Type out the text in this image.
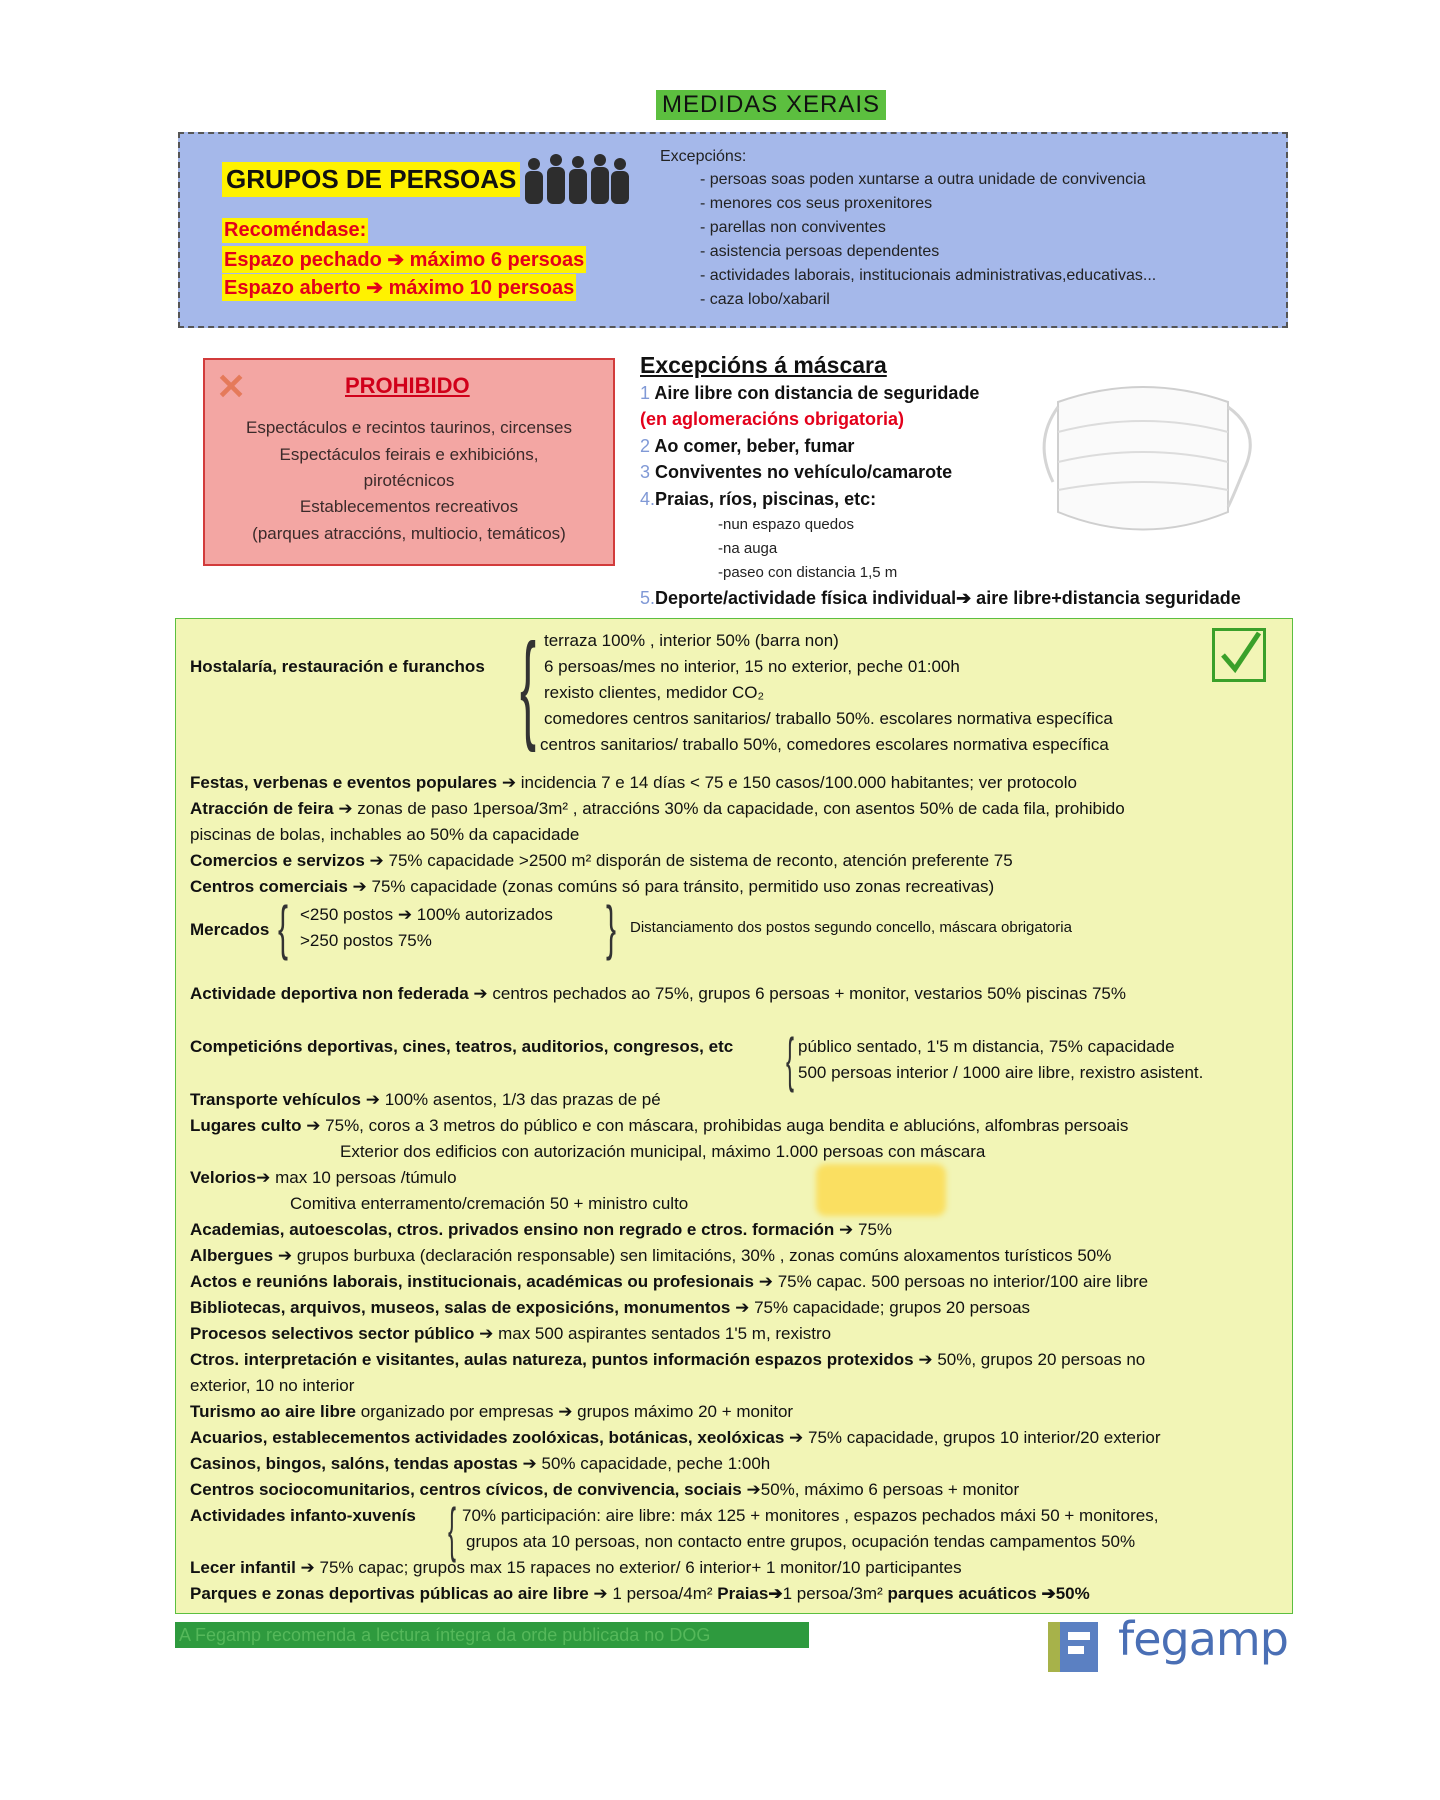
MEDIDAS XERAIS
GRUPOS DE PERSOAS
Recoméndase:
Espazo pechado ➔ máximo 6 persoas
Espazo aberto ➔ máximo 10 persoas
Excepcións:
- persoas soas poden xuntarse a outra unidade de convivencia
- menores cos seus proxenitores
- parellas non conviventes
- asistencia persoas dependentes
- actividades laborais, institucionais administrativas,educativas...
- caza lobo/xabaril
✕	PROHIBIDO
Espectáculos e recintos taurinos, circenses
Espectáculos feirais e exhibicións,
pirotécnicos
Establecementos recreativos
(parques atraccións, multiocio, temáticos)
Excepcións á máscara
1 Aire libre con distancia de seguridade
(en aglomeracións obrigatoria)
2 Ao comer, beber, fumar
3 Conviventes no vehículo/camarote
4.Praias, ríos, piscinas, etc:
-nun espazo quedos
-na auga
-paseo con distancia 1,5 m
5.Deporte/actividade física individual➔ aire libre+distancia seguridade
Hostalaría, restauración e furanchos { terraza 100% , interior 50% (barra non)
6 persoas/mes no interior, 15 no exterior, peche 01:00h
rexisto clientes, medidor CO₂
comedores centros sanitarios/ traballo 50%. escolares normativa específica
centros sanitarios/ traballo 50%, comedores escolares normativa específica
Festas, verbenas e eventos populares ➔ incidencia 7 e 14 días < 75 e 150 casos/100.000 habitantes; ver protocolo
Atracción de feira ➔ zonas de paso 1persoa/3m² , atraccións 30% da capacidade, con asentos 50% de cada fila, prohibido
piscinas de bolas, inchables ao 50% da capacidade
Comercios e servizos ➔ 75% capacidade >2500 m² disporán de sistema de reconto, atención preferente 75
Centros comerciais ➔ 75% capacidade (zonas comúns só para tránsito, permitido uso zonas recreativas)
Mercados { <250 postos ➔ 100% autorizados
>250 postos 75%	} Distanciamento dos postos segundo concello, máscara obrigatoria
Actividade deportiva non federada ➔ centros pechados ao 75%, grupos 6 persoas + monitor, vestarios 50% piscinas 75%
Competicións deportivas, cines, teatros, auditorios, congresos, etc { público sentado, 1'5 m distancia, 75% capacidade
500 persoas interior / 1000 aire libre, rexistro asistent.
Transporte vehículos ➔ 100% asentos, 1/3 das prazas de pé
Lugares culto ➔ 75%, coros a 3 metros do público e con máscara, prohibidas auga bendita e ablucións, alfombras persoais
Exterior dos edificios con autorización municipal, máximo 1.000 persoas con máscara
Velorios➔ max 10 persoas /túmulo
Comitiva enterramento/cremación 50 + ministro culto
Academias, autoescolas, ctros. privados ensino non regrado e ctros. formación ➔ 75%
Albergues ➔ grupos burbuxa (declaración responsable) sen limitacións, 30% , zonas comúns aloxamentos turísticos 50%
Actos e reunións laborais, institucionais, académicas ou profesionais ➔ 75% capac. 500 persoas no interior/100 aire libre
Bibliotecas, arquivos, museos, salas de exposicións, monumentos ➔ 75% capacidade; grupos 20 persoas
Procesos selectivos sector público ➔ max 500 aspirantes sentados 1'5 m, rexistro
Ctros. interpretación e visitantes, aulas natureza, puntos información espazos protexidos ➔ 50%, grupos 20 persoas no
exterior, 10 no interior
Turismo ao aire libre organizado por empresas ➔ grupos máximo 20 + monitor
Acuarios, establecementos actividades zoolóxicas, botánicas, xeolóxicas ➔ 75% capacidade, grupos 10 interior/20 exterior
Casinos, bingos, salóns, tendas apostas ➔ 50% capacidade, peche 1:00h
Centros sociocomunitarios, centros cívicos, de convivencia, sociais ➔50%, máximo 6 persoas + monitor
Actividades infanto-xuvenís { 70% participación: aire libre: máx 125 + monitores , espazos pechados máxi 50 + monitores,
grupos ata 10 persoas, non contacto entre grupos, ocupación tendas campamentos 50%
Lecer infantil ➔ 75% capac; grupos max 15 rapaces no exterior/ 6 interior+ 1 monitor/10 participantes
Parques e zonas deportivas públicas ao aire libre ➔ 1 persoa/4m² Praias➔1 persoa/3m² parques acuáticos ➔50%
A Fegamp recomenda a lectura íntegra da orde publicada no DOG	fegamp
